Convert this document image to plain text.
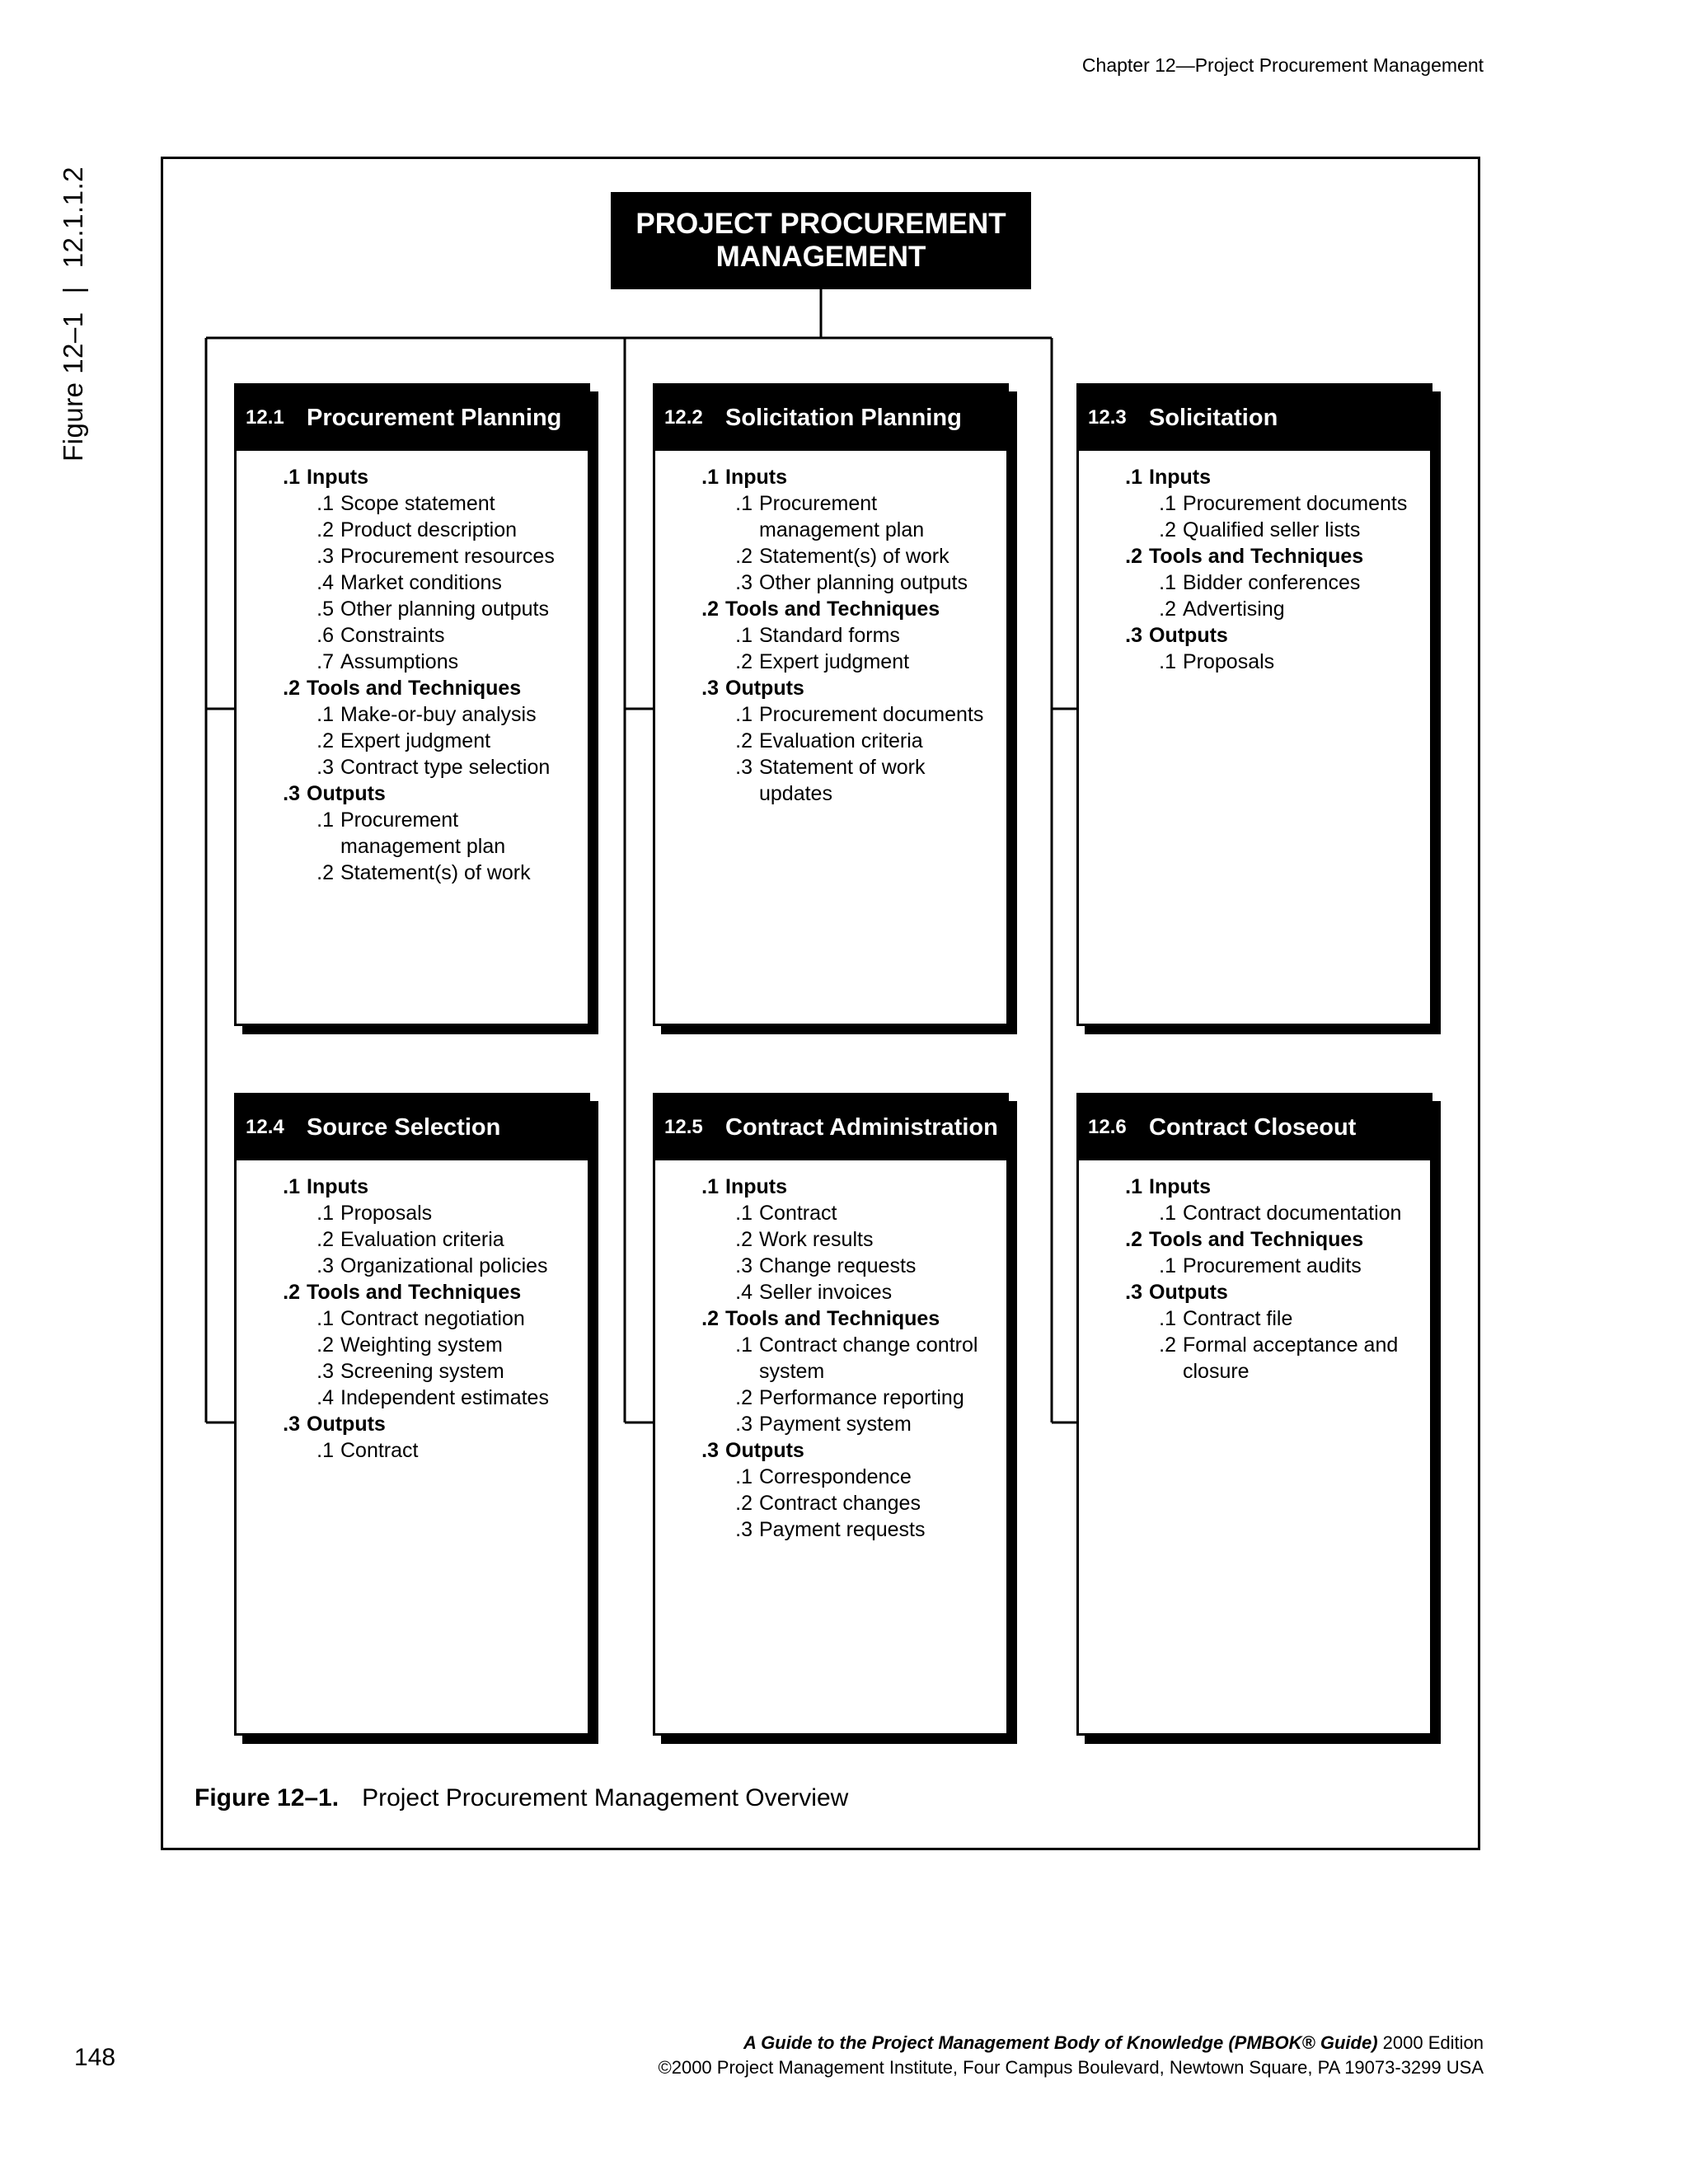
Chapter 12—Project Procurement Management
Figure 12–1|12.1.1.2	PROJECT PROCUREMENT
MANAGEMENT
12.1 Procurement Planning
.1 Inputs
.1 Scope statement
.2 Product description
.3 Procurement resources
.4 Market conditions
.5 Other planning outputs
.6 Constraints
.7 Assumptions
.2 Tools and Techniques
.1 Make-or-buy analysis
.2 Expert judgment
.3 Contract type selection
.3 Outputs
.1 Procurement management plan
.2 Statement(s) of work
12.2 Solicitation Planning
.1 Inputs
.1 Procurement management plan
.2 Statement(s) of work
.3 Other planning outputs
.2 Tools and Techniques
.1 Standard forms
.2 Expert judgment
.3 Outputs
.1 Procurement documents
.2 Evaluation criteria
.3 Statement of work updates
12.3 Solicitation
.1 Inputs
.1 Procurement documents
.2 Qualified seller lists
.2 Tools and Techniques
.1 Bidder conferences
.2 Advertising
.3 Outputs
.1 Proposals
12.4 Source Selection
.1 Inputs
.1 Proposals
.2 Evaluation criteria
.3 Organizational policies
.2 Tools and Techniques
.1 Contract negotiation
.2 Weighting system
.3 Screening system
.4 Independent estimates
.3 Outputs
.1 Contract
12.5 Contract Administration
.1 Inputs
.1 Contract
.2 Work results
.3 Change requests
.4 Seller invoices
.2 Tools and Techniques
.1 Contract change control system
.2 Performance reporting
.3 Payment system
.3 Outputs
.1 Correspondence
.2 Contract changes
.3 Payment requests
12.6 Contract Closeout
.1 Inputs
.1 Contract documentation
.2 Tools and Techniques
.1 Procurement audits
.3 Outputs
.1 Contract file
.2 Formal acceptance and closure
Figure 12–1. Project Procurement Management Overview
148
A Guide to the Project Management Body of Knowledge (PMBOK® Guide) 2000 Edition
©2000 Project Management Institute, Four Campus Boulevard, Newtown Square, PA 19073-3299 USA
